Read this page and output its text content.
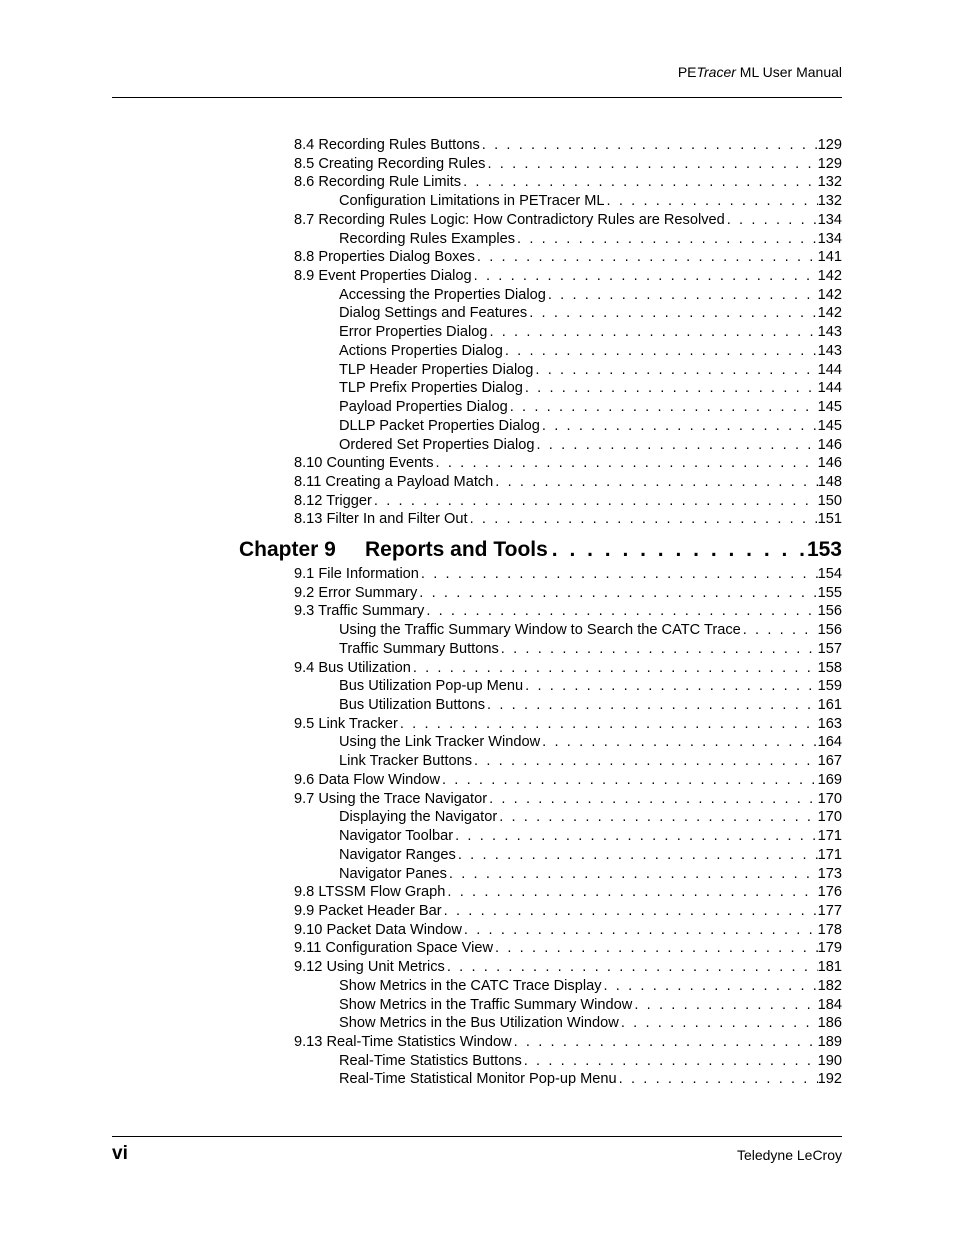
PETracer ML User Manual
8.4 Recording Rules Buttons . . .	129
8.5 Creating Recording Rules . . .	129
8.6 Recording Rule Limits . . .	132
Configuration Limitations in PETracer ML . . .	132
8.7 Recording Rules Logic: How Contradictory Rules are Resolved . . .	134
Recording Rules Examples . . .	134
8.8 Properties Dialog Boxes . . .	141
8.9 Event Properties Dialog . . .	142
Accessing the Properties Dialog . . .	142
Dialog Settings and Features . . .	142
Error Properties Dialog . . .	143
Actions Properties Dialog . . .	143
TLP Header Properties Dialog . . .	144
TLP Prefix Properties Dialog . . .	144
Payload Properties Dialog . . .	145
DLLP Packet Properties Dialog . . .	145
Ordered Set Properties Dialog . . .	146
8.10 Counting Events . . .	146
8.11 Creating a Payload Match . . .	148
8.12 Trigger . . .	150
8.13 Filter In and Filter Out . . .	151
Chapter 9	Reports and Tools . . .	153
9.1 File Information . . .	154
9.2 Error Summary . . .	155
9.3 Traffic Summary . . .	156
Using the Traffic Summary Window to Search the CATC Trace . . .	156
Traffic Summary Buttons . . .	157
9.4 Bus Utilization . . .	158
Bus Utilization Pop-up Menu . . .	159
Bus Utilization Buttons . . .	161
9.5 Link Tracker . . .	163
Using the Link Tracker Window . . .	164
Link Tracker Buttons . . .	167
9.6 Data Flow Window . . .	169
9.7 Using the Trace Navigator . . .	170
Displaying the Navigator . . .	170
Navigator Toolbar . . .	171
Navigator Ranges . . .	171
Navigator Panes . . .	173
9.8 LTSSM Flow Graph . . .	176
9.9 Packet Header Bar . . .	177
9.10 Packet Data Window . . .	178
9.11 Configuration Space View . . .	179
9.12 Using Unit Metrics . . .	181
Show Metrics in the CATC Trace Display . . .	182
Show Metrics in the Traffic Summary Window . . .	184
Show Metrics in the Bus Utilization Window . . .	186
9.13 Real-Time Statistics Window . . .	189
Real-Time Statistics Buttons . . .	190
Real-Time Statistical Monitor Pop-up Menu . . .	192
vi	Teledyne LeCroy
